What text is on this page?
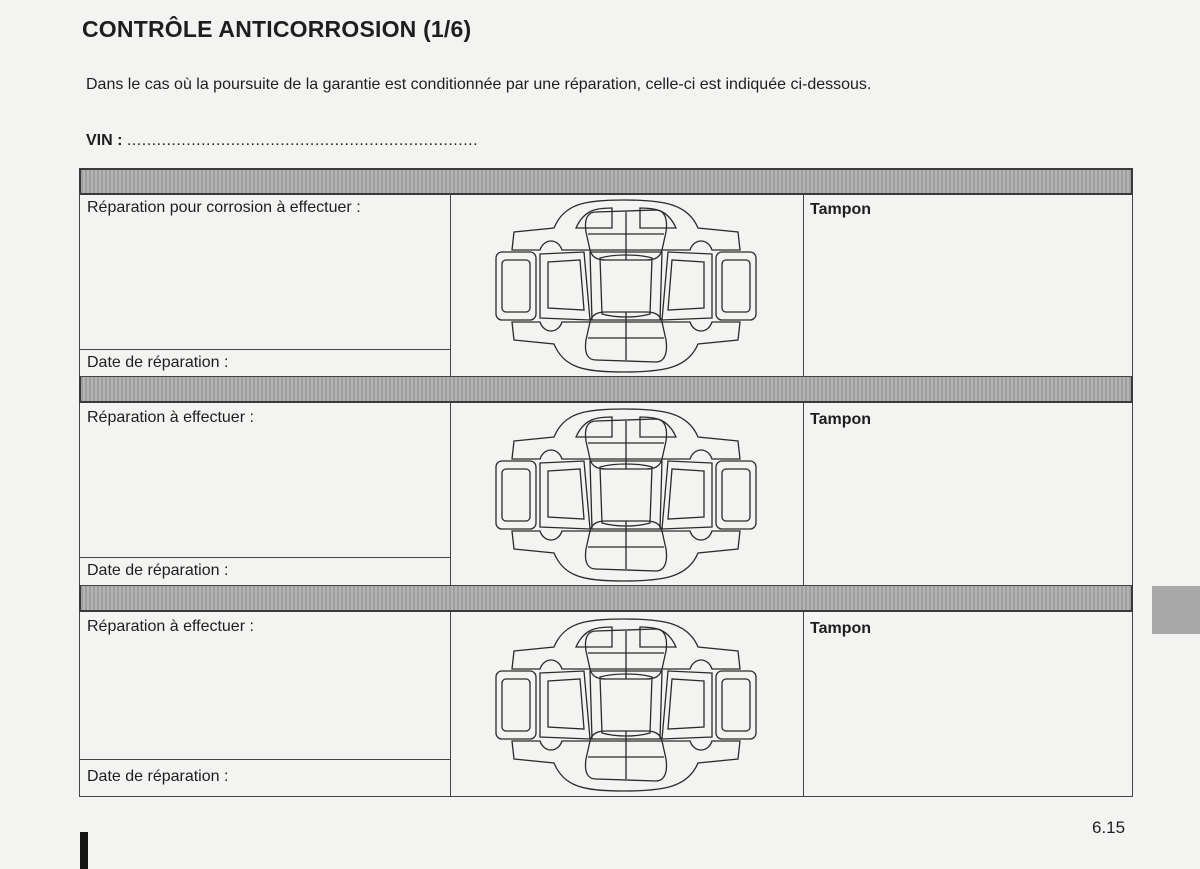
CONTRÔLE ANTICORROSION (1/6)
Dans le cas où la poursuite de la garantie est conditionnée par une réparation, celle-ci est indiquée ci-dessous.
VIN : .......................................................................
Réparation pour corrosion à effectuer :
Date de réparation :
Tampon
Réparation à effectuer :
Date de réparation :
Tampon
Réparation à effectuer :
Date de réparation :
Tampon
6.15
